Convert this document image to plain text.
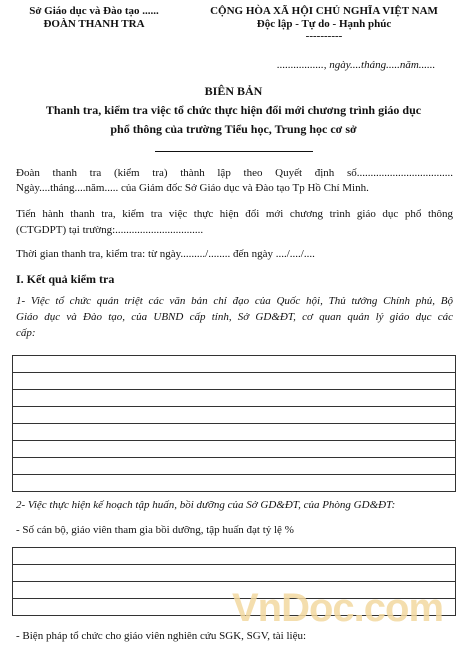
Sở Giáo dục và Đào tạo ......
ĐOÀN THANH TRA
CỘNG HÒA XÃ HỘI CHỦ NGHĨA VIỆT NAM
Độc lập - Tự do - Hạnh phúc
----------
................., ngày....tháng.....năm......
BIÊN BẢN
Thanh tra, kiểm tra việc tổ chức thực hiện đổi mới chương trình giáo dục
phổ thông của trường Tiểu học, Trung học cơ sở
Đoàn thanh tra (kiểm tra) thành lập theo Quyết định số...................................
Ngày....tháng....năm..... của Giám đốc Sở Giáo dục và Đào tạo Tp Hồ Chí Minh.
Tiến hành thanh tra, kiểm tra việc thực hiện đổi mới chương trình giáo dục phổ thông
(CTGDPT) tại trường:................................
Thời gian thanh tra, kiểm tra: từ ngày........./........ đến ngày ..../..../....
I. Kết quả kiểm tra
1- Việc tổ chức quán triệt các văn bản chỉ đạo của Quốc hội, Thủ tướng Chính phủ, Bộ
Giáo dục và Đào tạo, của UBND cấp tỉnh, Sở GD&ĐT, cơ quan quản lý giáo dục các
cấp:
2- Việc thực hiện kế hoạch tập huấn, bồi dưỡng của Sở GD&ĐT, của Phòng GD&ĐT:
- Số cán bộ, giáo viên tham gia bồi dưỡng, tập huấn đạt tỷ lệ %
VnDoc.com
- Biện pháp tổ chức cho giáo viên nghiên cứu SGK, SGV, tài liệu:
